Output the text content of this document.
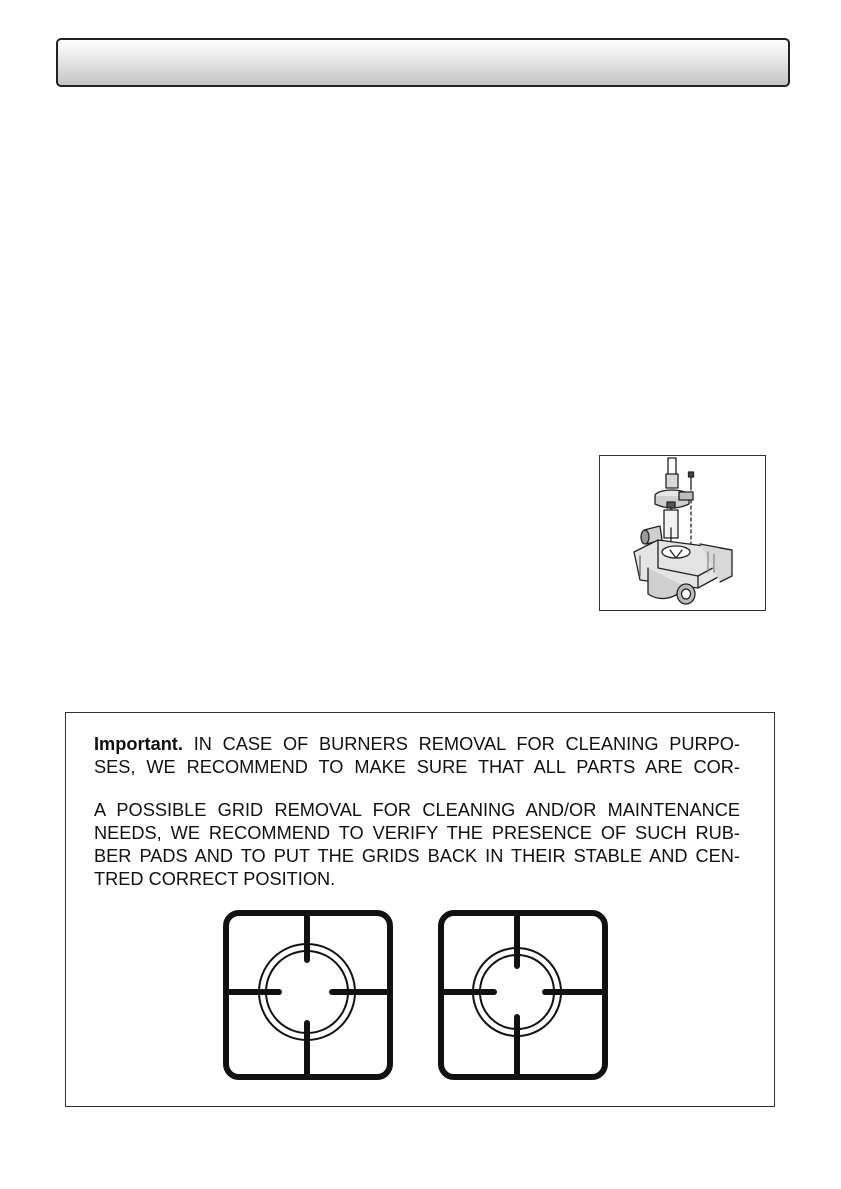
Important. IN CASE OF BURNERS REMOVAL FOR CLEANING PURPO-
SES, WE RECOMMEND TO MAKE SURE THAT ALL PARTS ARE COR-

A POSSIBLE GRID REMOVAL FOR CLEANING AND/OR MAINTENANCE
NEEDS, WE RECOMMEND TO VERIFY THE PRESENCE OF SUCH RUB-
BER PADS AND TO PUT THE GRIDS BACK IN THEIR STABLE AND CEN-
TRED CORRECT POSITION.
